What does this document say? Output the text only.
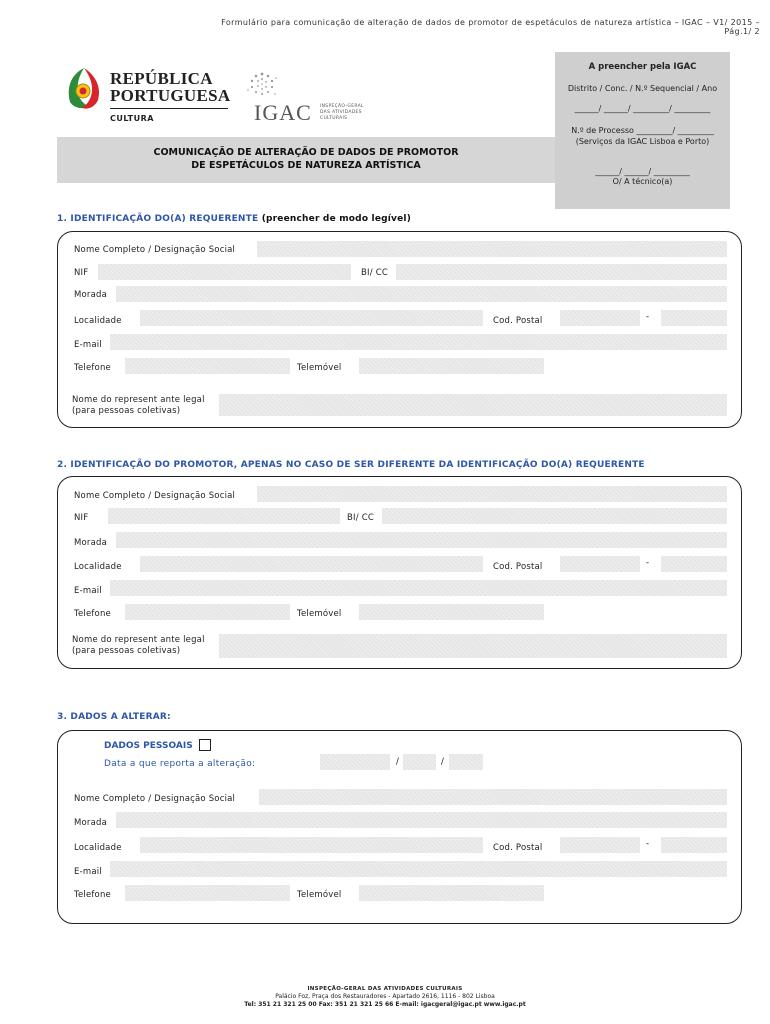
Formulário para comunicação de alteração de dados de promotor de espetáculos de natureza artística – IGAC – V1/ 2015 – Pág.1/ 2
REPÚBLICA
PORTUGUESA
CULTURA	IGAC INSPEÇÃO-GERAL
DAS ATIVIDADES
CULTURAIS
COMUNICAÇÃO DE ALTERAÇÃO DE DADOS DE PROMOTOR
DE ESPETÁCULOS DE NATUREZA ARTÍSTICA
A preencher pela IGAC
Distrito / Conc. / N.º Sequencial / Ano
______/ ______/ _________/ _________
N.º de Processo _________/ _________
(Serviços da IGAC Lisboa e Porto)
______/ ______/ _________
O/ A técnico(a)
1. IDENTIFICAÇÃO DO(A) REQUERENTE (preencher de modo legível)
Nome Completo / Designação Social
NIF	BI/ CC
Morada
Localidade	Cod. Postal	-
E-mail
Telefone	Telemóvel
Nome do represent ante legal
(para pessoas coletivas)
2. IDENTIFICAÇÃO DO PROMOTOR, APENAS NO CASO DE SER DIFERENTE DA IDENTIFICAÇÃO DO(A) REQUERENTE
Nome Completo / Designação Social
NIF	BI/ CC
Morada
Localidade	Cod. Postal	-
E-mail
Telefone	Telemóvel
Nome do represent ante legal
(para pessoas coletivas)
3. DADOS A ALTERAR:
DADOS PESSOAIS
Data a que reporta a alteração:	/	/
Nome Completo / Designação Social
Morada
Localidade	Cod. Postal	-
E-mail
Telefone	Telemóvel
INSPEÇÃO-GERAL DAS ATIVIDADES CULTURAIS
Palácio Foz, Praça dos Restauradores - Apartado 2616, 1116 - 802 Lisboa
Tel: 351 21 321 25 00 Fax: 351 21 321 25 66 E-mail: igacgeral@igac.pt www.igac.pt
